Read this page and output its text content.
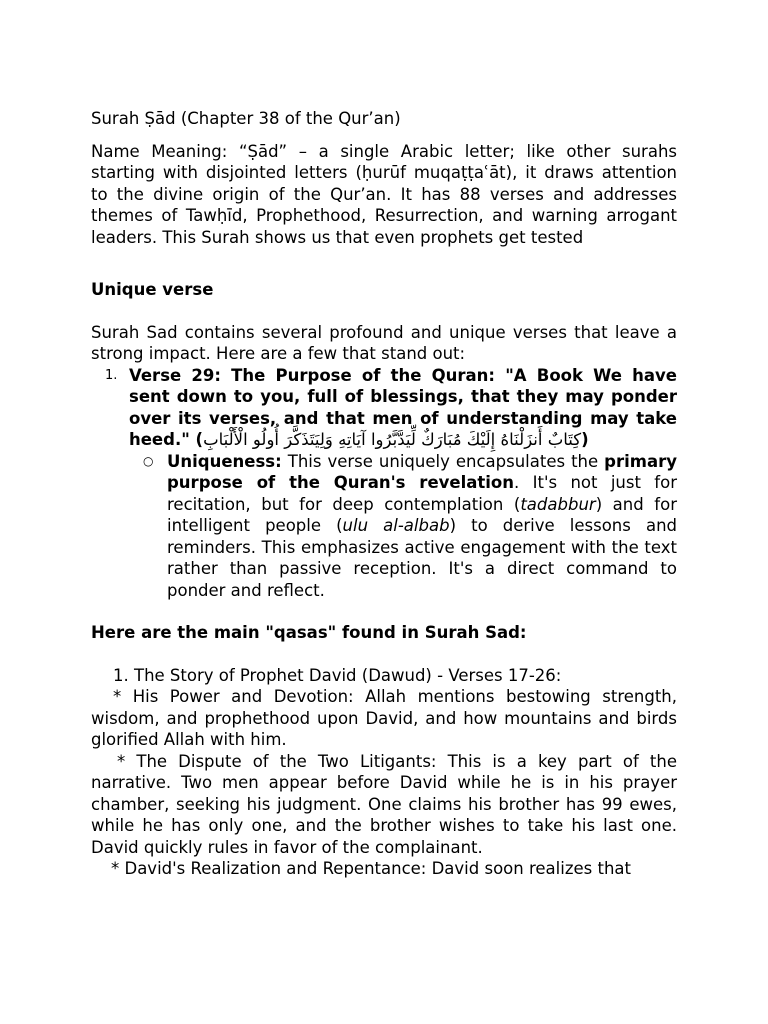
Surah Ṣād (Chapter 38 of the Qur’an)

Name Meaning: “Ṣād” – a single Arabic letter; like other surahs starting with disjointed letters (ḥurūf muqaṭṭaʿāt), it draws attention to the divine origin of the Qur’an. It has 88 verses and addresses themes of Tawḥīd, Prophethood, Resurrection, and warning arrogant leaders. This Surah shows us that even prophets get tested

Unique verse

Surah Sad contains several profound and unique verses that leave a strong impact. Here are a few that stand out:

1. Verse 29: The Purpose of the Quran: "A Book We have sent down to you, full of blessings, that they may ponder over its verses, and that men of understanding may take heed." (كِتَابٌ أَنزَلْنَاهُ إِلَيْكَ مُبَارَكٌ لِّيَدَّبَّرُوا آيَاتِهِ وَلِيَتَذَكَّرَ أُولُو الْأَلْبَابِ)
○ Uniqueness: This verse uniquely encapsulates the primary purpose of the Quran's revelation. It's not just for recitation, but for deep contemplation (tadabbur) and for intelligent people (ulu al-albab) to derive lessons and reminders. This emphasizes active engagement with the text rather than passive reception. It's a direct command to ponder and reflect.

Here are the main "qasas" found in Surah Sad:

1. The Story of Prophet David (Dawud) - Verses 17-26:

* His Power and Devotion: Allah mentions bestowing strength, wisdom, and prophethood upon David, and how mountains and birds glorified Allah with him.

* The Dispute of the Two Litigants: This is a key part of the narrative. Two men appear before David while he is in his prayer chamber, seeking his judgment. One claims his brother has 99 ewes, while he has only one, and the brother wishes to take his last one. David quickly rules in favor of the complainant.

* David's Realization and Repentance: David soon realizes that
